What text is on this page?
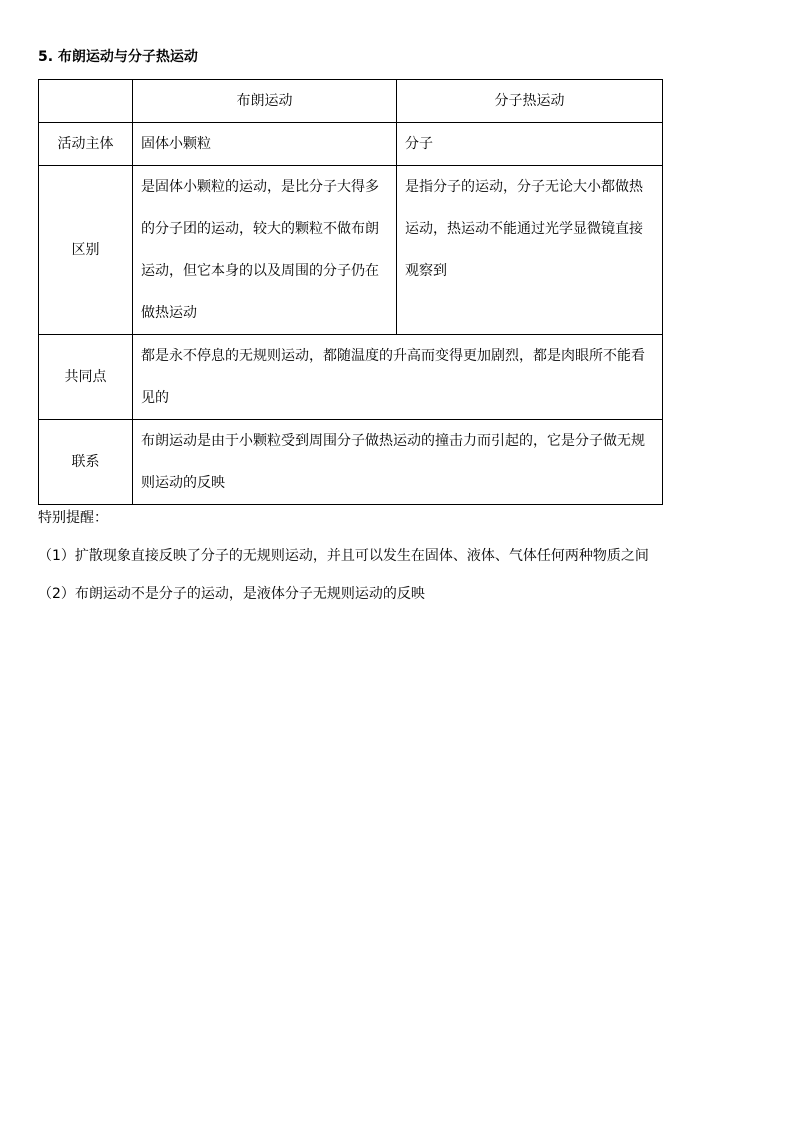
5. 布朗运动与分子热运动
	布朗运动	分子热运动
活动主体	固体小颗粒	分子
区别	是固体小颗粒的运动，是比分子大得多的分子团的运动，较大的颗粒不做布朗运动，但它本身的以及周围的分子仍在做热运动	是指分子的运动，分子无论大小都做热运动，热运动不能通过光学显微镜直接观察到
共同点	都是永不停息的无规则运动，都随温度的升高而变得更加剧烈，都是肉眼所不能看见的	
联系	布朗运动是由于小颗粒受到周围分子做热运动的撞击力而引起的，它是分子做无规则运动的反映	
特别提醒：
（1）扩散现象直接反映了分子的无规则运动，并且可以发生在固体、液体、气体任何两种物质之间
（2）布朗运动不是分子的运动，是液体分子无规则运动的反映
